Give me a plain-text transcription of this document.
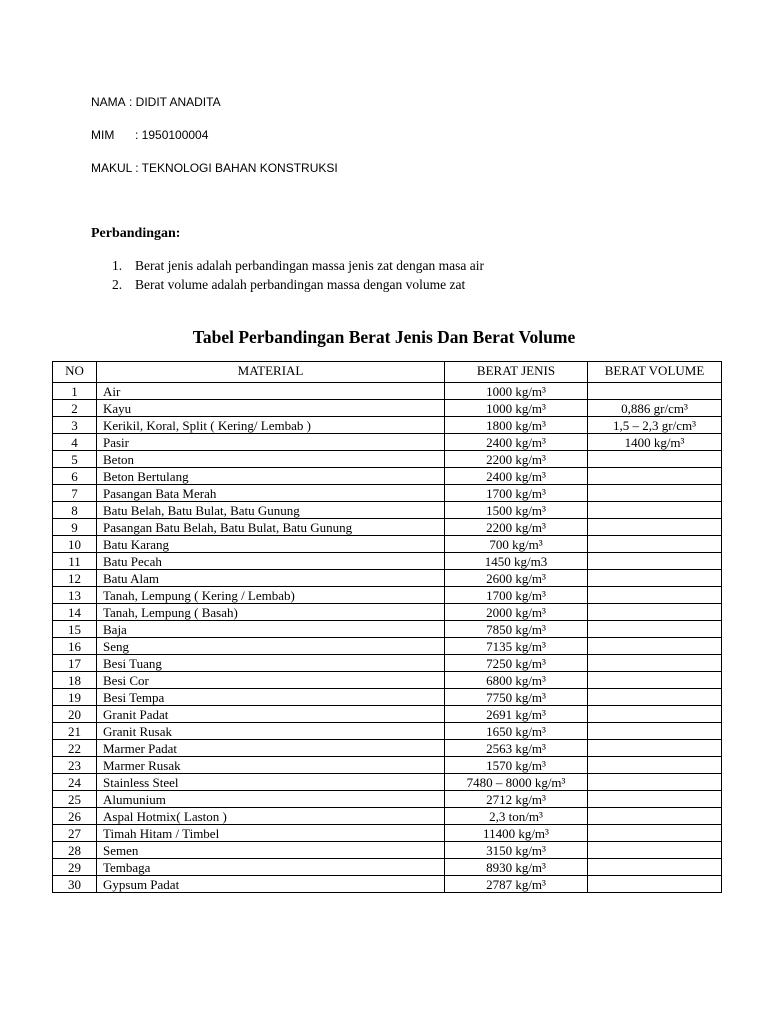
NAMA : DIDIT ANADITA
MIM : 1950100004
MAKUL : TEKNOLOGI BAHAN KONSTRUKSI
Perbandingan:
1. Berat jenis adalah perbandingan massa jenis zat dengan masa air
2. Berat volume adalah perbandingan massa dengan volume zat
Tabel Perbandingan Berat Jenis Dan Berat Volume
NO	MATERIAL	BERAT JENIS	BERAT VOLUME
1	Air	1000 kg/m³	
2	Kayu	1000 kg/m³	0,886 gr/cm³
3	Kerikil, Koral, Split ( Kering/ Lembab )	1800 kg/m³	1,5 – 2,3 gr/cm³
4	Pasir	2400 kg/m³	1400 kg/m³
5	Beton	2200 kg/m³	
6	Beton Bertulang	2400 kg/m³	
7	Pasangan Bata Merah	1700 kg/m³	
8	Batu Belah, Batu Bulat, Batu Gunung	1500 kg/m³	
9	Pasangan Batu Belah, Batu Bulat, Batu Gunung	2200 kg/m³	
10	Batu Karang	700 kg/m³	
11	Batu Pecah	1450 kg/m3	
12	Batu Alam	2600 kg/m³	
13	Tanah, Lempung ( Kering / Lembab)	1700 kg/m³	
14	Tanah, Lempung ( Basah)	2000 kg/m³	
15	Baja	7850 kg/m³	
16	Seng	7135 kg/m³	
17	Besi Tuang	7250 kg/m³	
18	Besi Cor	6800 kg/m³	
19	Besi Tempa	7750 kg/m³	
20	Granit Padat	2691 kg/m³	
21	Granit Rusak	1650 kg/m³	
22	Marmer Padat	2563 kg/m³	
23	Marmer Rusak	1570 kg/m³	
24	Stainless Steel	7480 – 8000 kg/m³	
25	Alumunium	2712 kg/m³	
26	Aspal Hotmix( Laston )	2,3 ton/m³	
27	Timah Hitam / Timbel	11400 kg/m³	
28	Semen	3150 kg/m³	
29	Tembaga	8930 kg/m³	
30	Gypsum Padat	2787 kg/m³	
